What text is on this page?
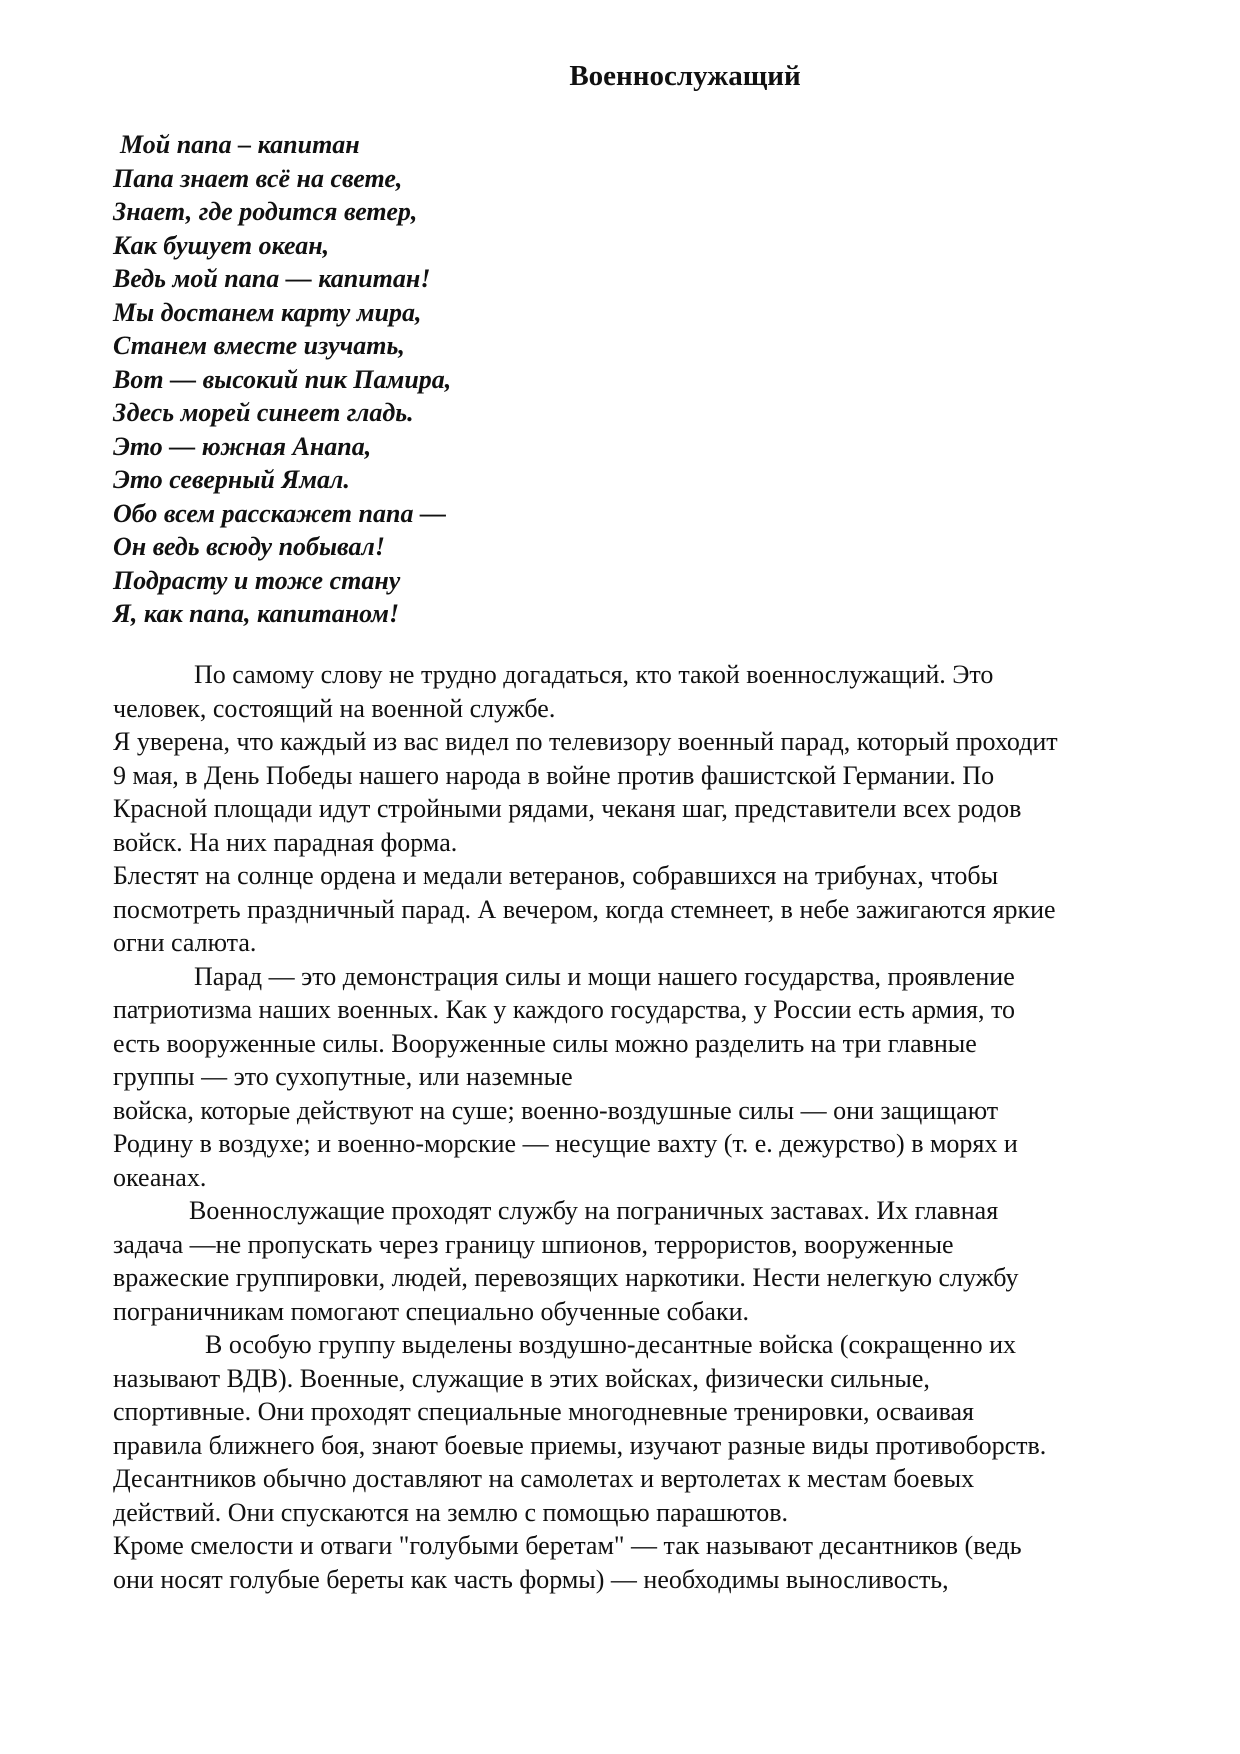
Военнослужащий
Мой папа – капитан
Папа знает всё на свете,
Знает, где родится ветер,
Как бушует океан,
Ведь мой папа — капитан!
Мы достанем карту мира,
Станем вместе изучать,
Вот — высокий пик Памира,
Здесь морей синеет гладь.
Это — южная Анапа,
Это северный Ямал.
Обо всем расскажет папа —
Он ведь всюду побывал!
Подрасту и тоже стану
Я, как папа, капитаном!
По самому слову не трудно догадаться, кто такой военнослужащий. Это
человек, состоящий на военной службе.
Я уверена, что каждый из вас видел по телевизору военный парад, который проходит
9 мая, в День Победы нашего народа в войне против фашистской Германии. По
Красной площади идут стройными рядами, чеканя шаг, представители всех родов
войск. На них парадная форма.
Блестят на солнце ордена и медали ветеранов, собравшихся на трибунах, чтобы
посмотреть праздничный парад. А вечером, когда стемнеет, в небе зажигаются яркие
огни салюта.
Парад — это демонстрация силы и мощи нашего государства, проявление
патриотизма наших военных. Как у каждого государства, у России есть армия, то
есть вооруженные силы. Вооруженные силы можно разделить на три главные
группы — это сухопутные, или наземные
войска, которые действуют на суше; военно-воздушные силы — они защищают
Родину в воздухе; и военно-морские — несущие вахту (т. е. дежурство) в морях и
океанах.
Военнослужащие проходят службу на пограничных заставах. Их главная
задача —не пропускать через границу шпионов, террористов, вооруженные
вражеские группировки, людей, перевозящих наркотики. Нести нелегкую службу
пограничникам помогают специально обученные собаки.
В особую группу выделены воздушно-десантные войска (сокращенно их
называют ВДВ). Военные, служащие в этих войсках, физически сильные,
спортивные. Они проходят специальные многодневные тренировки, осваивая
правила ближнего боя, знают боевые приемы, изучают разные виды противоборств.
Десантников обычно доставляют на самолетах и вертолетах к местам боевых
действий. Они спускаются на землю с помощью парашютов.
Кроме смелости и отваги "голубыми беретам" — так называют десантников (ведь
они носят голубые береты как часть формы) — необходимы выносливость,
